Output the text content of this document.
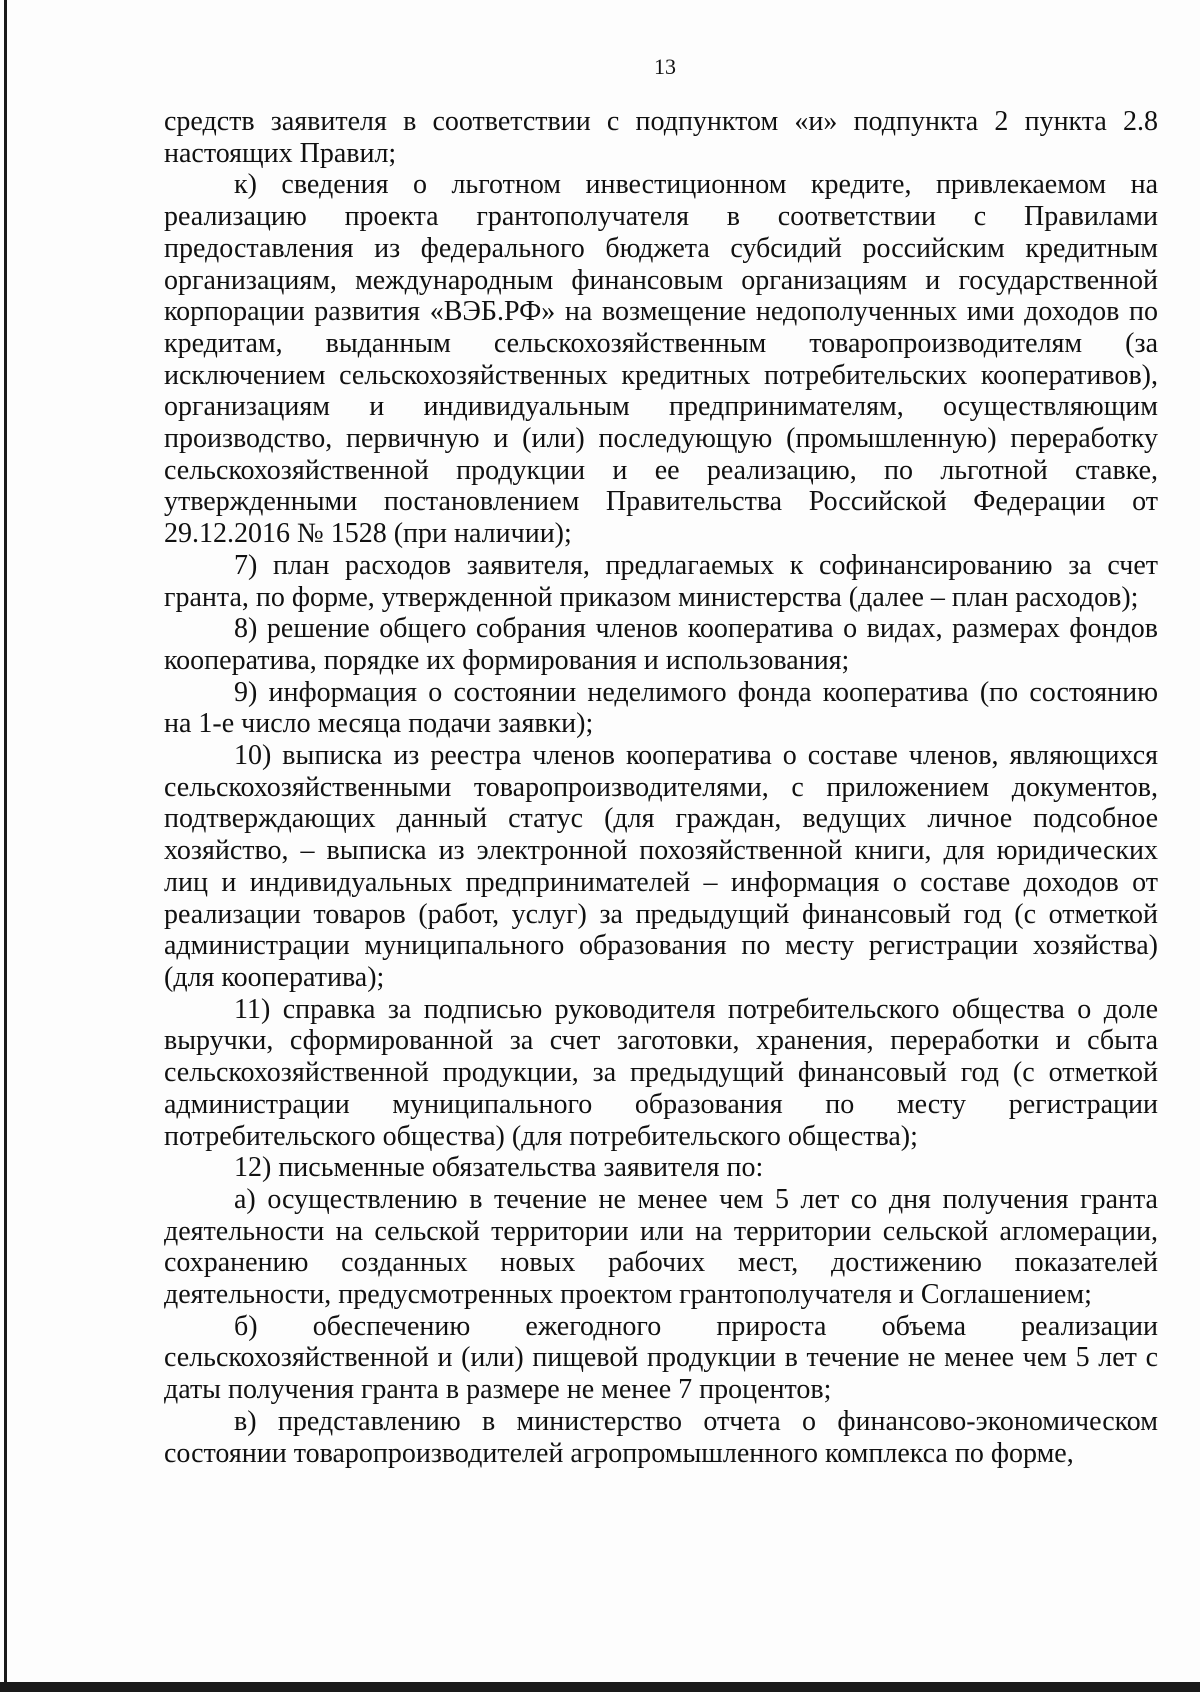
13

средств заявителя в соответствии с подпунктом «и» подпункта 2 пункта 2.8 настоящих Правил;

к) сведения о льготном инвестиционном кредите, привлекаемом на реализацию проекта грантополучателя в соответствии с Правилами предоставления из федерального бюджета субсидий российским кредитным организациям, международным финансовым организациям и государственной корпорации развития «ВЭБ.РФ» на возмещение недополученных ими доходов по кредитам, выданным сельскохозяйственным товаропроизводителям (за исключением сельскохозяйственных кредитных потребительских кооперативов), организациям и индивидуальным предпринимателям, осуществляющим производство, первичную и (или) последующую (промышленную) переработку сельскохозяйственной продукции и ее реализацию, по льготной ставке, утвержденными постановлением Правительства Российской Федерации от 29.12.2016 № 1528 (при наличии);

7) план расходов заявителя, предлагаемых к софинансированию за счет гранта, по форме, утвержденной приказом министерства (далее – план расходов);

8) решение общего собрания членов кооператива о видах, размерах фондов кооператива, порядке их формирования и использования;

9) информация о состоянии неделимого фонда кооператива (по состоянию на 1-е число месяца подачи заявки);

10) выписка из реестра членов кооператива о составе членов, являющихся сельскохозяйственными товаропроизводителями, с приложением документов, подтверждающих данный статус (для граждан, ведущих личное подсобное хозяйство, – выписка из электронной похозяйственной книги, для юридических лиц и индивидуальных предпринимателей – информация о составе доходов от реализации товаров (работ, услуг) за предыдущий финансовый год (с отметкой администрации муниципального образования по месту регистрации хозяйства) (для кооператива);

11) справка за подписью руководителя потребительского общества о доле выручки, сформированной за счет заготовки, хранения, переработки и сбыта сельскохозяйственной продукции, за предыдущий финансовый год (с отметкой администрации муниципального образования по месту регистрации потребительского общества) (для потребительского общества);

12) письменные обязательства заявителя по:

а) осуществлению в течение не менее чем 5 лет со дня получения гранта деятельности на сельской территории или на территории сельской агломерации, сохранению созданных новых рабочих мест, достижению показателей деятельности, предусмотренных проектом грантополучателя и Соглашением;

б) обеспечению ежегодного прироста объема реализации сельскохозяйственной и (или) пищевой продукции в течение не менее чем 5 лет с даты получения гранта в размере не менее 7 процентов;

в) представлению в министерство отчета о финансово-экономическом состоянии товаропроизводителей агропромышленного комплекса по форме,
